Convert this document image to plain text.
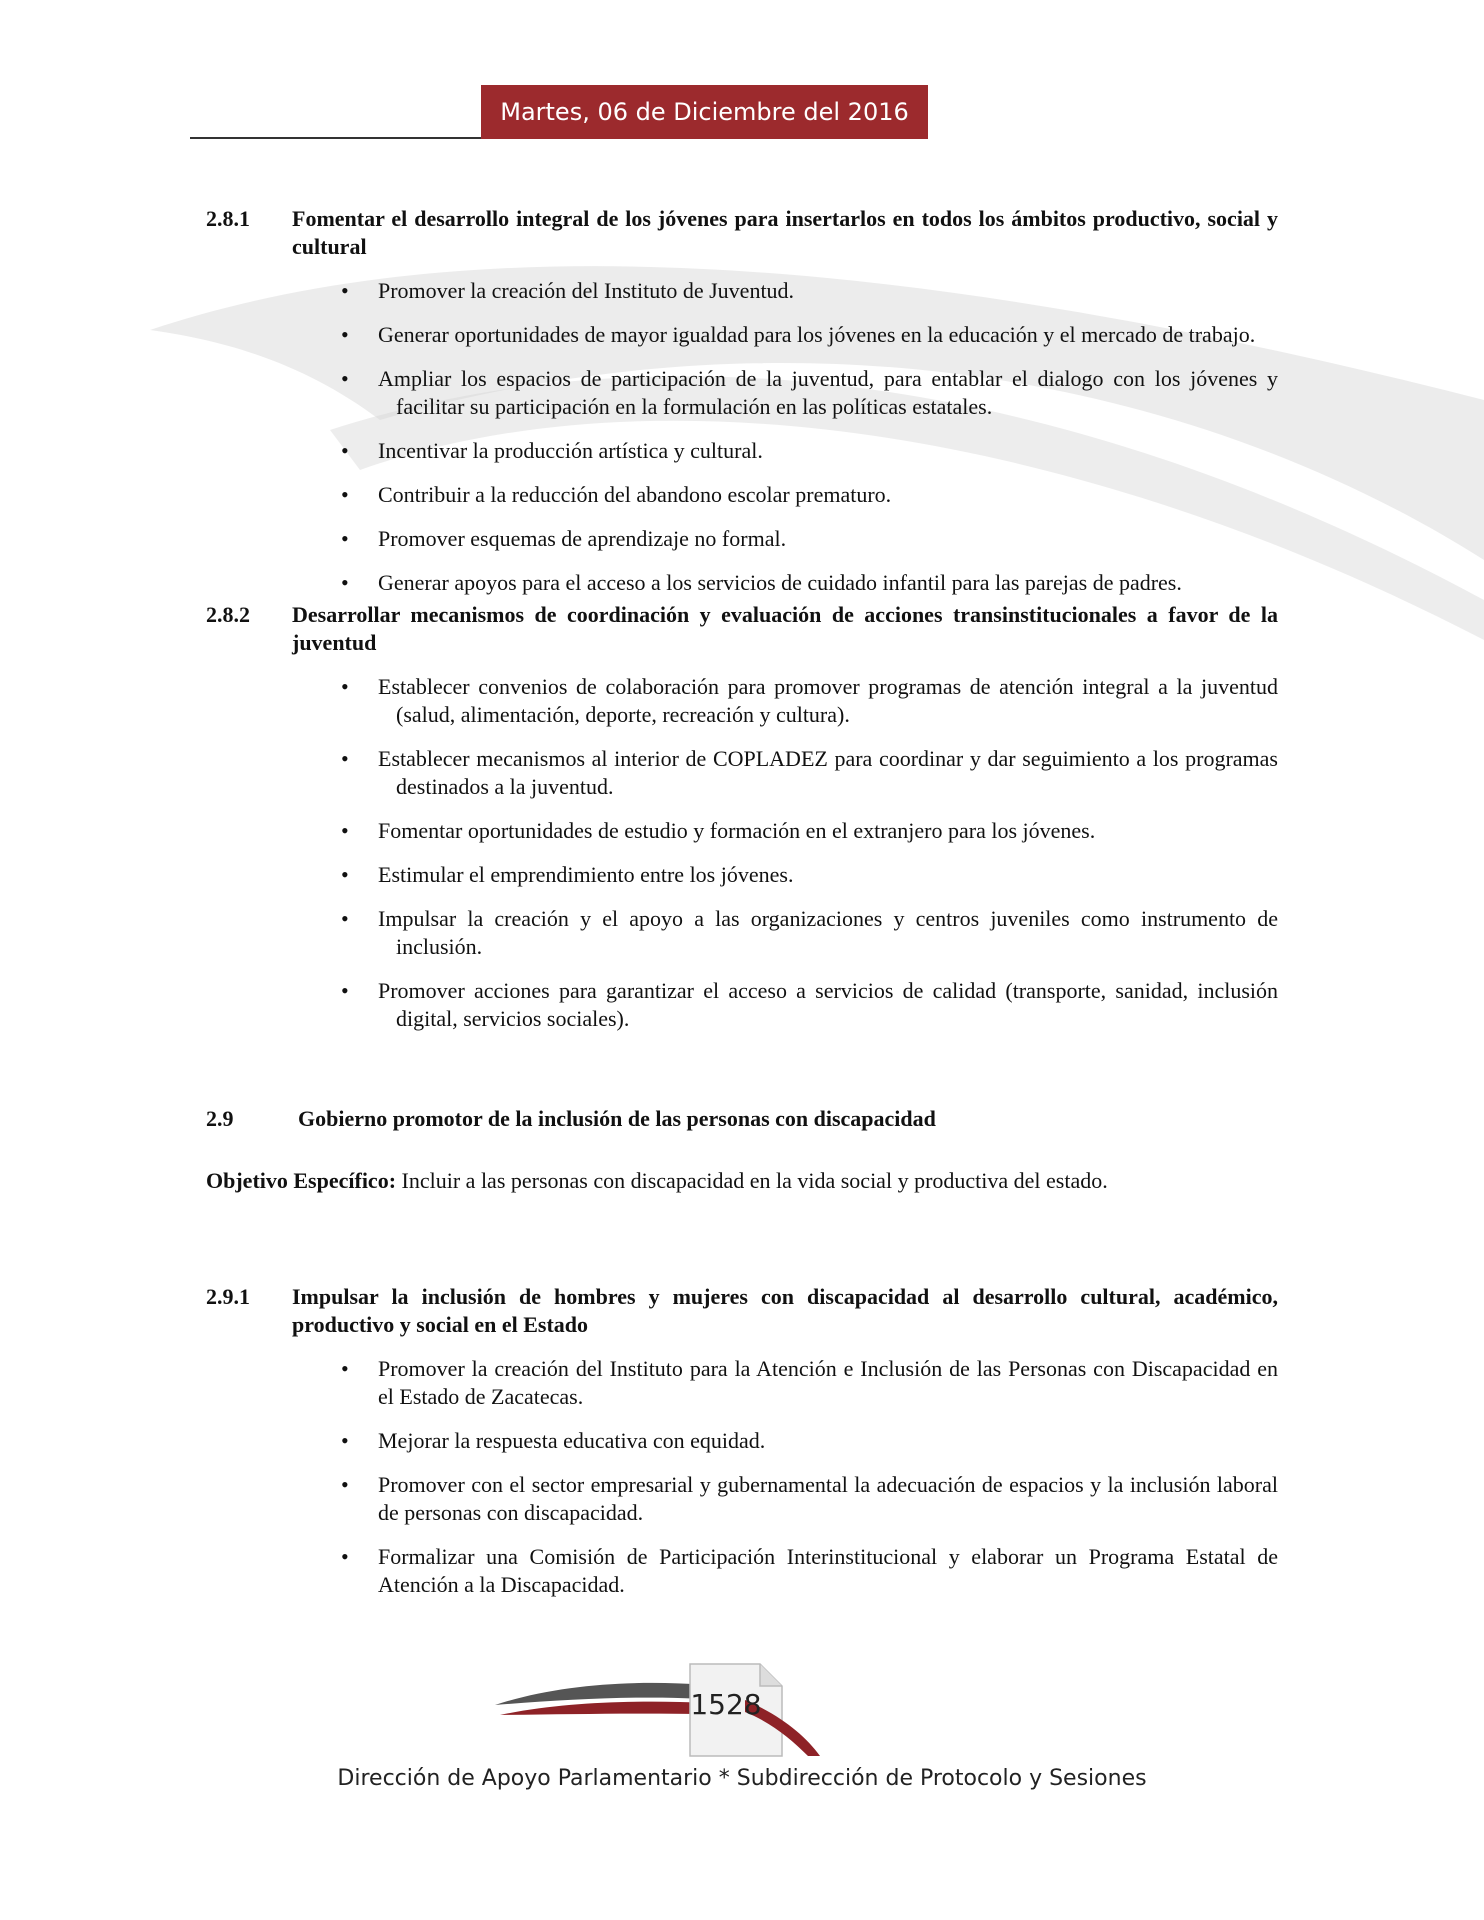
Martes, 06 de Diciembre del 2016
2.8.1	Fomentar el desarrollo integral de los jóvenes para insertarlos en todos los ámbitos productivo, social y cultural
• Promover la creación del Instituto de Juventud.
• Generar oportunidades de mayor igualdad para los jóvenes en la educación y el mercado de trabajo.
• Ampliar los espacios de participación de la juventud, para entablar el dialogo con los jóvenes y facilitar su participación en la formulación en las políticas estatales.
• Incentivar la producción artística y cultural.
• Contribuir a la reducción del abandono escolar prematuro.
• Promover esquemas de aprendizaje no formal.
• Generar apoyos para el acceso a los servicios de cuidado infantil para las parejas de padres.
2.8.2	Desarrollar mecanismos de coordinación y evaluación de acciones transinstitucionales a favor de la juventud
• Establecer convenios de colaboración para promover programas de atención integral a la juventud (salud, alimentación, deporte, recreación y cultura).
• Establecer mecanismos al interior de COPLADEZ para coordinar y dar seguimiento a los programas destinados a la juventud.
• Fomentar oportunidades de estudio y formación en el extranjero para los jóvenes.
• Estimular el emprendimiento entre los jóvenes.
• Impulsar la creación y el apoyo a las organizaciones y centros juveniles como instrumento de inclusión.
• Promover acciones para garantizar el acceso a servicios de calidad (transporte, sanidad, inclusión digital, servicios sociales).
2.9	Gobierno promotor de la inclusión de las personas con discapacidad
Objetivo Específico: Incluir a las personas con discapacidad en la vida social y productiva del estado.
2.9.1	Impulsar la inclusión de hombres y mujeres con discapacidad al desarrollo cultural, académico, productivo y social en el Estado
• Promover la creación del Instituto para la Atención e Inclusión de las Personas con Discapacidad en el Estado de Zacatecas.
• Mejorar la respuesta educativa con equidad.
• Promover con el sector empresarial y gubernamental la adecuación de espacios y la inclusión laboral de personas con discapacidad.
• Formalizar una Comisión de Participación Interinstitucional y elaborar un Programa Estatal de Atención a la Discapacidad.
1528
Dirección de Apoyo Parlamentario * Subdirección de Protocolo y Sesiones
